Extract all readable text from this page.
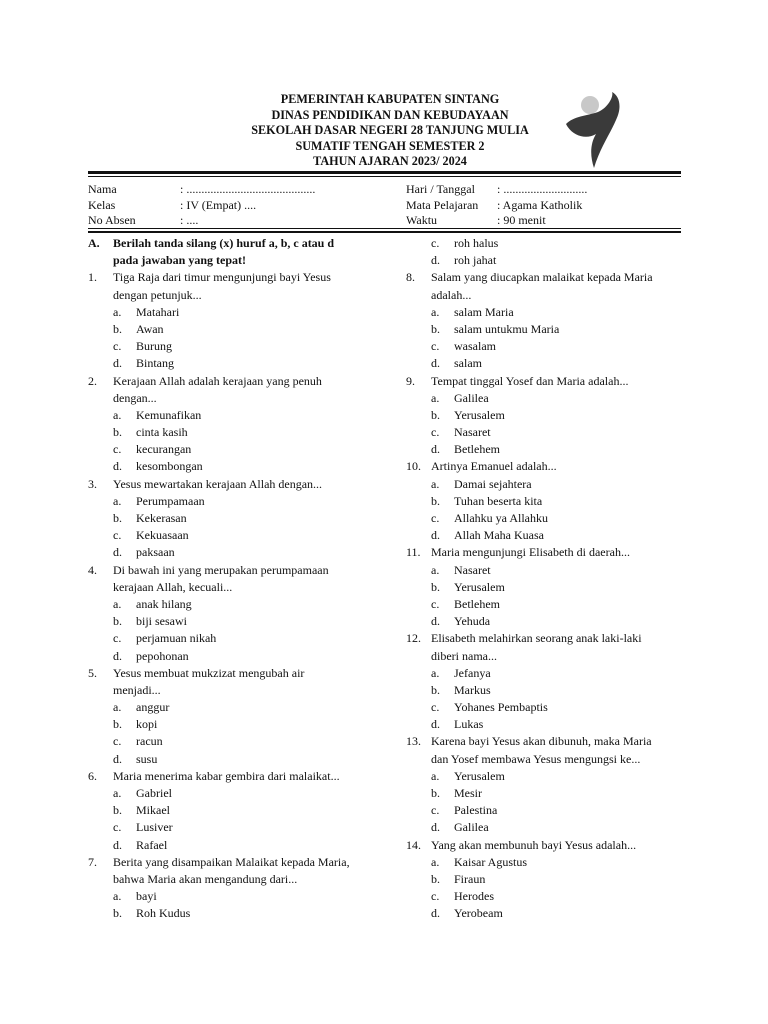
PEMERINTAH KABUPATEN SINTANG
DINAS PENDIDIKAN DAN KEBUDAYAAN
SEKOLAH DASAR NEGERI 28 TANJUNG MULIA
SUMATIF TENGAH SEMESTER 2
TAHUN AJARAN 2023/ 2024
Nama	: ...........................................
Kelas	: IV (Empat) ....
No Absen	: ....
Hari / Tanggal	: ............................
Mata Pelajaran	: Agama Katholik
Waktu	: 90 menit
A.	Berilah tanda silang (x) huruf a, b, c atau d
pada jawaban yang tepat!
1.	Tiga Raja dari timur mengunjungi bayi Yesus
dengan petunjuk...
a.	Matahari
b.	Awan
c.	Burung
d.	Bintang
2.	Kerajaan Allah adalah kerajaan yang penuh
dengan...
a.	Kemunafikan
b.	cinta kasih
c.	kecurangan
d.	kesombongan
3.	Yesus mewartakan kerajaan Allah dengan...
a.	Perumpamaan
b.	Kekerasan
c.	Kekuasaan
d.	paksaan
4.	Di bawah ini yang merupakan perumpamaan
kerajaan Allah, kecuali...
a.	anak hilang
b.	biji sesawi
c.	perjamuan nikah
d.	pepohonan
5.	Yesus membuat mukzizat mengubah air
menjadi...
a.	anggur
b.	kopi
c.	racun
d.	susu
6.	Maria menerima kabar gembira dari malaikat...
a.	Gabriel
b.	Mikael
c.	Lusiver
d.	Rafael
7.	Berita yang disampaikan Malaikat kepada Maria,
bahwa Maria akan mengandung dari...
a.	bayi
b.	Roh Kudus
c.	roh halus
d.	roh jahat
8.	Salam yang diucapkan malaikat kepada Maria
adalah...
a.	salam Maria
b.	salam untukmu Maria
c.	wasalam
d.	salam
9.	Tempat tinggal Yosef dan Maria adalah...
a.	Galilea
b.	Yerusalem
c.	Nasaret
d.	Betlehem
10. Artinya Emanuel adalah...
a.	Damai sejahtera
b.	Tuhan beserta kita
c.	Allahku ya Allahku
d.	Allah Maha Kuasa
11. Maria mengunjungi Elisabeth di daerah...
a.	Nasaret
b.	Yerusalem
c.	Betlehem
d.	Yehuda
12. Elisabeth melahirkan seorang anak laki-laki
diberi nama...
a.	Jefanya
b.	Markus
c.	Yohanes Pembaptis
d.	Lukas
13. Karena bayi Yesus akan dibunuh, maka Maria
dan Yosef membawa Yesus mengungsi ke...
a.	Yerusalem
b.	Mesir
c.	Palestina
d.	Galilea
14. Yang akan membunuh bayi Yesus adalah...
a.	Kaisar Agustus
b.	Firaun
c.	Herodes
d.	Yerobeam
